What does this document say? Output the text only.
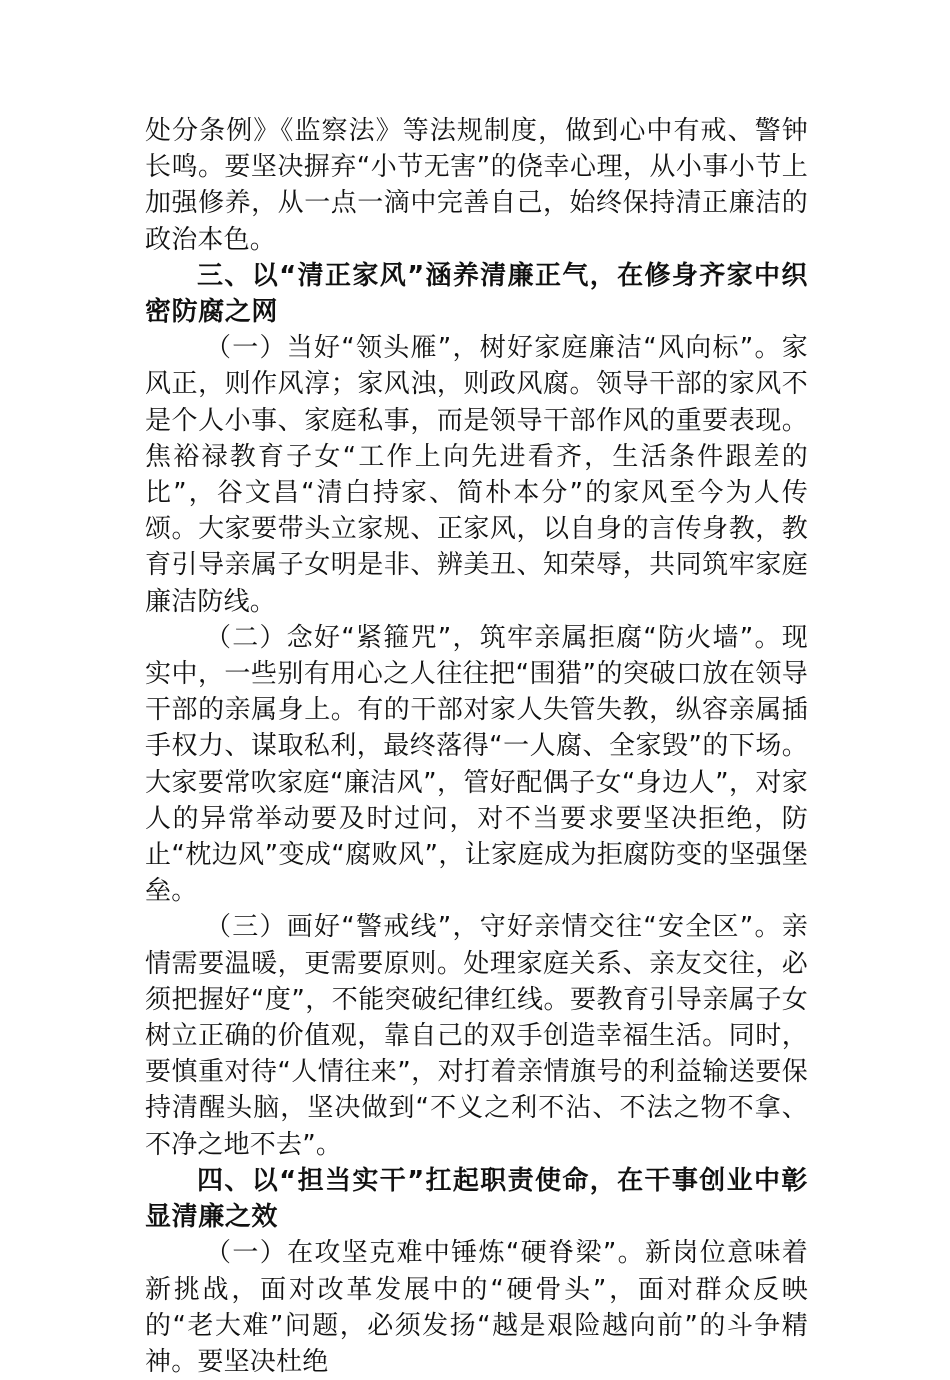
处分条例》《监察法》等法规制度，做到心中有戒、警钟长鸣。要坚决摒弃“小节无害”的侥幸心理，从小事小节上加强修养，从一点一滴中完善自己，始终保持清正廉洁的政治本色。

三、以“清正家风”涵养清廉正气，在修身齐家中织密防腐之网

（一）当好“领头雁”，树好家庭廉洁“风向标”。家风正，则作风淳；家风浊，则政风腐。领导干部的家风不是个人小事、家庭私事，而是领导干部作风的重要表现。焦裕禄教育子女“工作上向先进看齐，生活条件跟差的比”，谷文昌“清白持家、简朴本分”的家风至今为人传颂。大家要带头立家规、正家风，以自身的言传身教，教育引导亲属子女明是非、辨美丑、知荣辱，共同筑牢家庭廉洁防线。

（二）念好“紧箍咒”，筑牢亲属拒腐“防火墙”。现实中，一些别有用心之人往往把“围猎”的突破口放在领导干部的亲属身上。有的干部对家人失管失教，纵容亲属插手权力、谋取私利，最终落得“一人腐、全家毁”的下场。大家要常吹家庭“廉洁风”，管好配偶子女“身边人”，对家人的异常举动要及时过问，对不当要求要坚决拒绝，防止“枕边风”变成“腐败风”，让家庭成为拒腐防变的坚强堡垒。

（三）画好“警戒线”，守好亲情交往“安全区”。亲情需要温暖，更需要原则。处理家庭关系、亲友交往，必须把握好“度”，不能突破纪律红线。要教育引导亲属子女树立正确的价值观，靠自己的双手创造幸福生活。同时，要慎重对待“人情往来”，对打着亲情旗号的利益输送要保持清醒头脑，坚决做到“不义之利不沾、不法之物不拿、不净之地不去”。

四、以“担当实干”扛起职责使命，在干事创业中彰显清廉之效

（一）在攻坚克难中锤炼“硬脊梁”。新岗位意味着新挑战，面对改革发展中的“硬骨头”，面对群众反映的“老大难”问题，必须发扬“越是艰险越向前”的斗争精神。要坚决杜绝
